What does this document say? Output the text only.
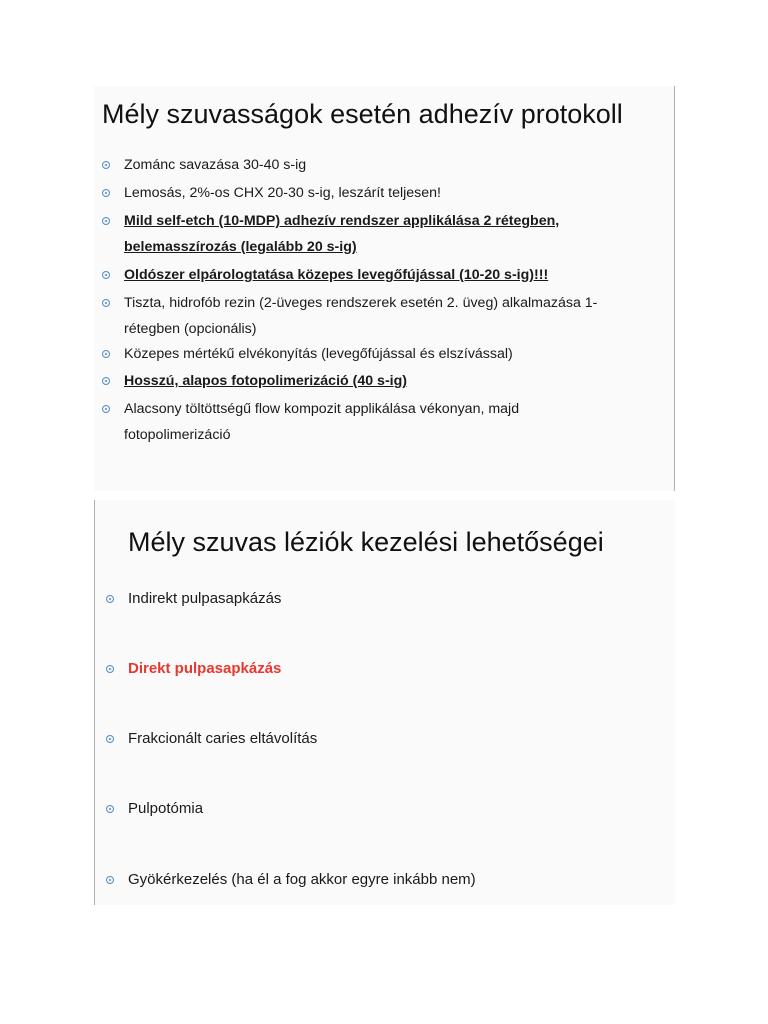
Mély szuvasságok esetén adhezív protokoll
Zománc savazása 30-40 s-ig
Lemosás, 2%-os CHX 20-30 s-ig, leszárít teljesen!
Mild self-etch (10-MDP) adhezív rendszer applikálása 2 rétegben, belemasszírozás (legalább 20 s-ig)
Oldószer elpárologtatása közepes levegőfújással (10-20 s-ig)!!!
Tiszta, hidrofób rezin (2-üveges rendszerek esetén 2. üveg) alkalmazása 1-rétegben (opcionális)
Közepes mértékű elvékonyítás (levegőfújással és elszívással)
Hosszú, alapos fotopolimerizáció (40 s-ig)
Alacsony töltöttségű flow kompozit applikálása vékonyan, majd fotopolimerizáció
Mély szuvas léziók kezelési lehetőségei
Indirekt pulpasapkázás
Direkt pulpasapkázás
Frakcionált caries eltávolítás
Pulpotómia
Gyökérkezelés (ha él a fog akkor egyre inkább nem)
